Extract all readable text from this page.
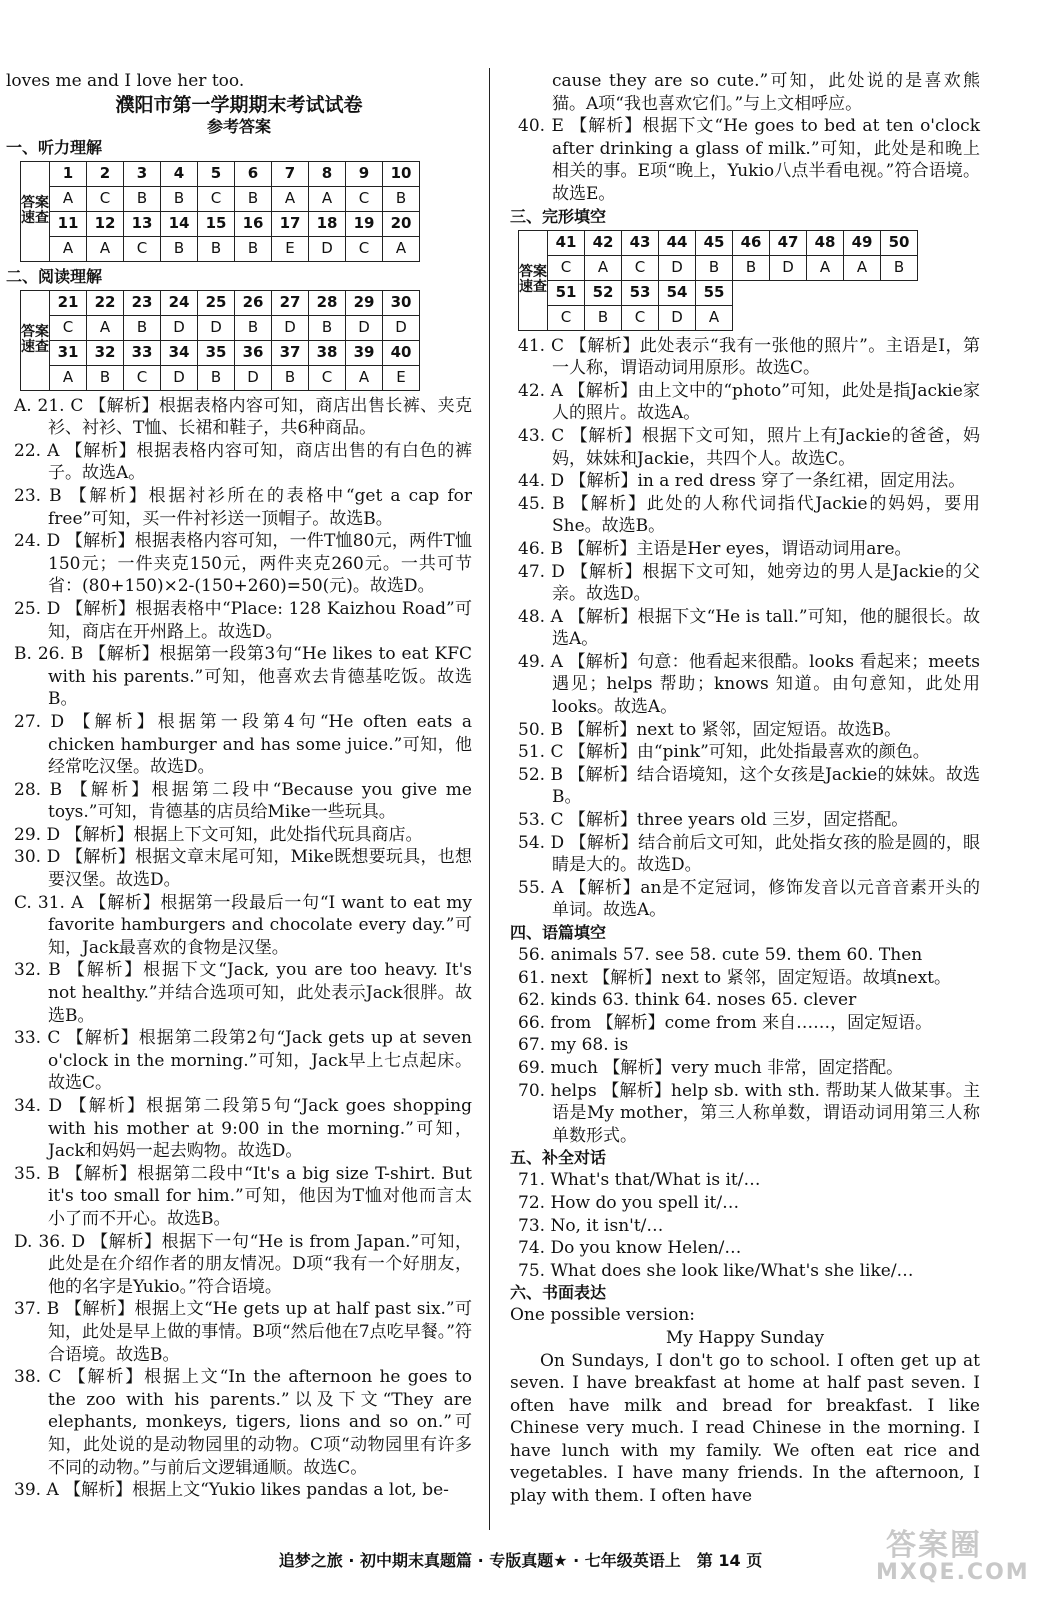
loves me and I love her too.

濮阳市第一学期期末考试试卷
参考答案
一、听力理解
答案速查	1	2	3	4	5	6	7	8	9	10
	A	C	B	B	C	B	A	A	C	B
	11	12	13	14	15	16	17	18	19	20
	A	A	C	B	B	B	E	D	C	A
二、阅读理解
答案速查	21	22	23	24	25	26	27	28	29	30
	C	A	B	D	D	B	D	B	D	D
	31	32	33	34	35	36	37	38	39	40
	A	B	C	D	B	D	B	C	A	E

A. 21. C 【解析】根据表格内容可知，商店出售长裤、夹克衫、衬衫、T恤、长裙和鞋子，共6种商品。

22. A 【解析】根据表格内容可知，商店出售的有白色的裤子。故选A。

23. B 【解析】根据衬衫所在的表格中“get a cap for free”可知，买一件衬衫送一顶帽子。故选B。

24. D 【解析】根据表格内容可知，一件T恤80元，两件T恤150元；一件夹克150元，两件夹克260元。一共可节省：(80+150)×2-(150+260)=50(元)。故选D。

25. D 【解析】根据表格中“Place: 128 Kaizhou Road”可知，商店在开州路上。故选D。

B. 26. B 【解析】根据第一段第3句“He likes to eat KFC with his parents.”可知，他喜欢去肯德基吃饭。故选B。

27. D 【解析】根据第一段第4句“He often eats a chicken hamburger and has some juice.”可知，他经常吃汉堡。故选D。

28. B 【解析】根据第二段中“Because you give me toys.”可知，肯德基的店员给Mike一些玩具。

29. D 【解析】根据上下文可知，此处指代玩具商店。

30. D 【解析】根据文章末尾可知，Mike既想要玩具，也想要汉堡。故选D。

C. 31. A 【解析】根据第一段最后一句“I want to eat my favorite hamburgers and chocolate every day.”可知，Jack最喜欢的食物是汉堡。

32. B 【解析】根据下文“Jack, you are too heavy. It's not healthy.”并结合选项可知，此处表示Jack很胖。故选B。

33. C 【解析】根据第二段第2句“Jack gets up at seven o'clock in the morning.”可知，Jack早上七点起床。故选C。

34. D 【解析】根据第二段第5句“Jack goes shopping with his mother at 9:00 in the morning.”可知，Jack和妈妈一起去购物。故选D。

35. B 【解析】根据第二段中“It's a big size T-shirt. But it's too small for him.”可知，他因为T恤对他而言太小了而不开心。故选B。

D. 36. D 【解析】根据下一句“He is from Japan.”可知，此处是在介绍作者的朋友情况。D项“我有一个好朋友，他的名字是Yukio。”符合语境。

37. B 【解析】根据上文“He gets up at half past six.”可知，此处是早上做的事情。B项“然后他在7点吃早餐。”符合语境。故选B。

38. C 【解析】根据上文“In the afternoon he goes to the zoo with his parents.”以及下文“They are elephants, monkeys, tigers, lions and so on.”可知，此处说的是动物园里的动物。C项“动物园里有许多不同的动物。”与前后文逻辑通顺。故选C。

39. A 【解析】根据上文“Yukio likes pandas a lot, be-

cause they are so cute.”可知，此处说的是喜欢熊猫。A项“我也喜欢它们。”与上文相呼应。

40. E 【解析】根据下文“He goes to bed at ten o'clock after drinking a glass of milk.”可知，此处是和晚上相关的事。E项“晚上，Yukio八点半看电视。”符合语境。故选E。

三、完形填空
答案速查	41	42	43	44	45	46	47	48	49	50
	C	A	C	D	B	B	D	A	A	B
	51	52	53	54	55					
	C	B	C	D	A					

41. C 【解析】此处表示“我有一张他的照片”。主语是I，第一人称，谓语动词用原形。故选C。

42. A 【解析】由上文中的“photo”可知，此处是指Jackie家人的照片。故选A。

43. C 【解析】根据下文可知，照片上有Jackie的爸爸，妈妈，妹妹和Jackie，共四个人。故选C。

44. D 【解析】in a red dress 穿了一条红裙，固定用法。

45. B 【解析】此处的人称代词指代Jackie的妈妈，要用She。故选B。

46. B 【解析】主语是Her eyes，谓语动词用are。

47. D 【解析】根据下文可知，她旁边的男人是Jackie的父亲。故选D。

48. A 【解析】根据下文“He is tall.”可知，他的腿很长。故选A。

49. A 【解析】句意：他看起来很酷。looks 看起来；meets 遇见；helps 帮助；knows 知道。由句意知，此处用looks。故选A。

50. B 【解析】next to 紧邻，固定短语。故选B。

51. C 【解析】由“pink”可知，此处指最喜欢的颜色。

52. B 【解析】结合语境知，这个女孩是Jackie的妹妹。故选B。

53. C 【解析】three years old 三岁，固定搭配。

54. D 【解析】结合前后文可知，此处指女孩的脸是圆的，眼睛是大的。故选D。

55. A 【解析】an是不定冠词，修饰发音以元音音素开头的单词。故选A。

四、语篇填空

56. animals 57. see 58. cute 59. them 60. Then

61. next 【解析】next to 紧邻，固定短语。故填next。

62. kinds 63. think 64. noses 65. clever

66. from 【解析】come from 来自……，固定短语。

67. my 68. is

69. much 【解析】very much 非常，固定搭配。

70. helps 【解析】help sb. with sth. 帮助某人做某事。主语是My mother，第三人称单数，谓语动词用第三人称单数形式。

五、补全对话

71. What's that/What is it/…

72. How do you spell it/…

73. No, it isn't/…

74. Do you know Helen/…

75. What does she look like/What's she like/…

六、书面表达

One possible version:

My Happy Sunday

On Sundays, I don't go to school. I often get up at seven. I have breakfast at home at half past seven. I often have milk and bread for breakfast. I like Chinese very much. I read Chinese in the morning. I have lunch with my family. We often eat rice and vegetables. I have many friends. In the afternoon, I play with them. I often have

追梦之旅 · 初中期末真题篇 · 专版真题★ · 七年级英语上　第 14 页	答案圈
MXQE.COM
